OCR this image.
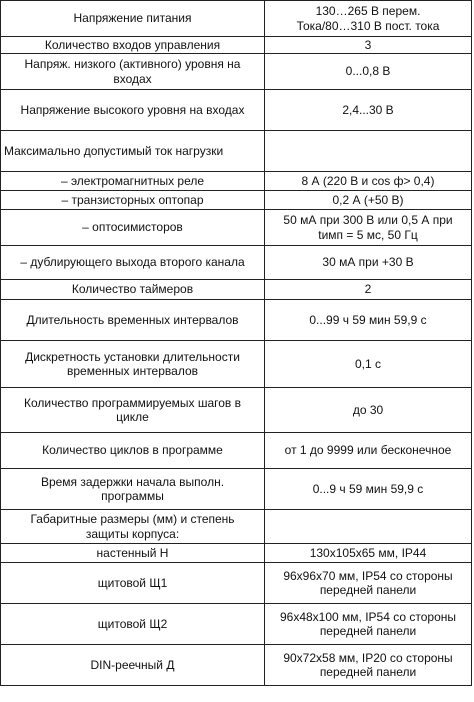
Напряжение питания	130…265 В перем.
Тока/80…310 В пост. тока
Количество входов управления	3
Напряж. низкого (активного) уровня на
входах	0...0,8 В
Напряжение высокого уровня на входах	2,4...30 В
Максимально допустимый ток нагрузки	
– электромагнитных реле	8 А (220 В и cos ф> 0,4)
– транзисторных оптопар	0,2 А (+50 В)
– оптосимисторов	50 мА при 300 В или 0,5 А при
tимп = 5 мс, 50 Гц
– дублирующего выхода второго канала	30 мА при +30 В
Количество таймеров	2
Длительность временных интервалов	0...99 ч 59 мин 59,9 с
Дискретность установки длительности
временных интервалов	0,1 с
Количество программируемых шагов в
цикле	до 30
Количество циклов в программе	от 1 до 9999 или бесконечное
Время задержки начала выполн.
программы	0...9 ч 59 мин 59,9 с
Габаритные размеры (мм) и степень
защиты корпуса:	
настенный Н	130x105x65 мм, IP44
щитовой Щ1	96x96x70 мм, IP54 со стороны
передней панели
щитовой Щ2	96x48x100 мм, IP54 со стороны
передней панели
DIN-реечный Д	90x72x58 мм, IP20 со стороны
передней панели
